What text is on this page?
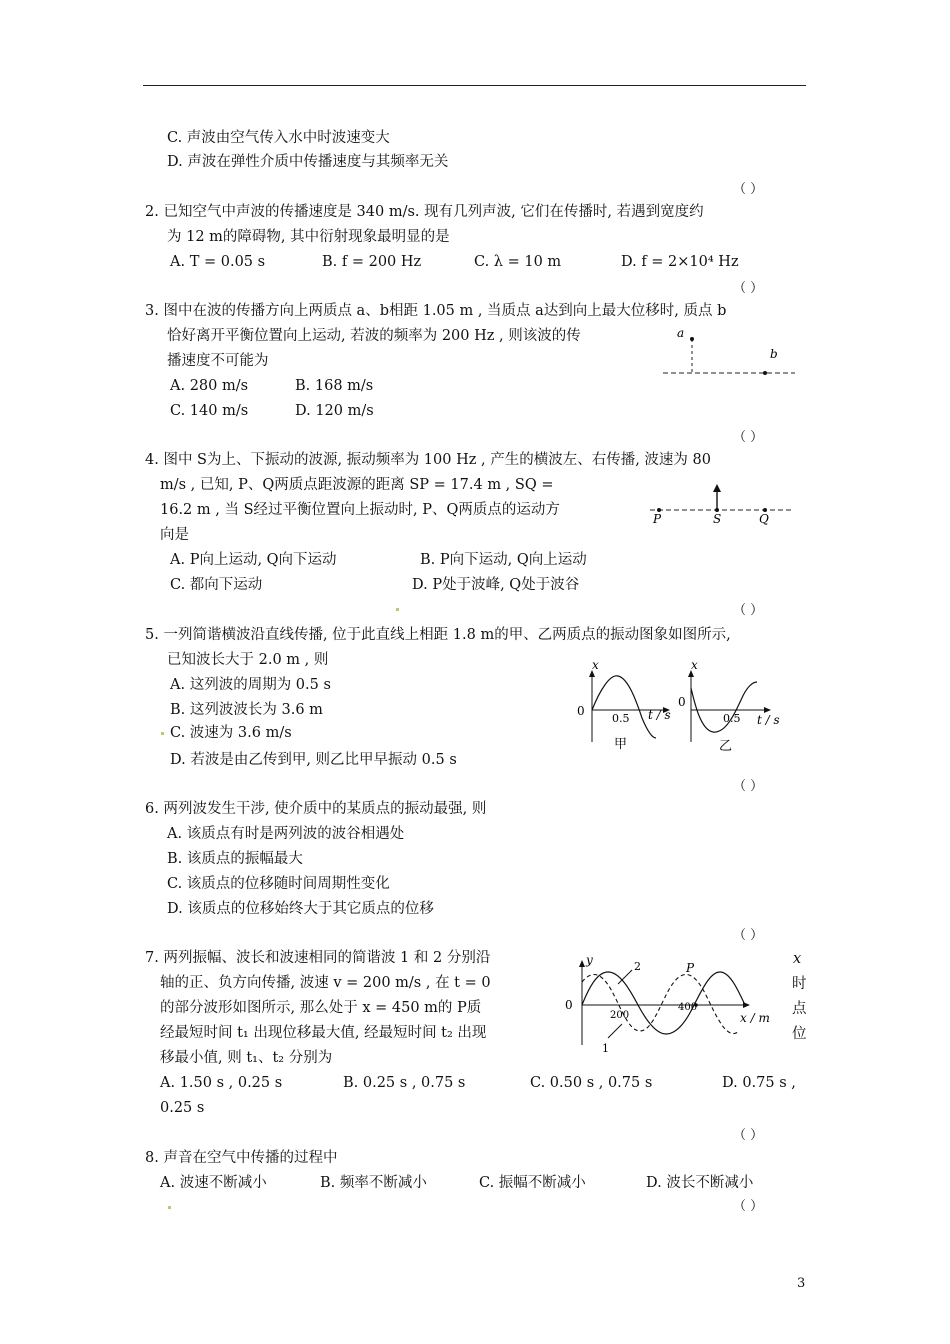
C. 声波由空气传入水中时波速变大
D. 声波在弹性介质中传播速度与其频率无关
（ ）
2. 已知空气中声波的传播速度是 340 m/s. 现有几列声波, 它们在传播时, 若遇到宽度约
为 12 m的障碍物, 其中衍射现象最明显的是
A. T = 0.05 s	B. f = 200 Hz	C. λ = 10 m	D. f = 2×10⁴ Hz
（ ）
3. 图中在波的传播方向上两质点 a、b相距 1.05 m , 当质点 a达到向上最大位移时, 质点 b
恰好离开平衡位置向上运动, 若波的频率为 200 Hz , 则该波的传
播速度不可能为
A. 280 m/s	B. 168 m/s
C. 140 m/s	D. 120 m/s
a
b
（ ）
4. 图中 S为上、下振动的波源, 振动频率为 100 Hz , 产生的横波左、右传播, 波速为 80
m/s , 已知, P、Q两质点距波源的距离 SP = 17.4 m , SQ =
16.2 m , 当 S经过平衡位置向上振动时, P、Q两质点的运动方
向是
A. P向上运动, Q向下运动	B. P向下运动, Q向上运动
C. 都向下运动	D. P处于波峰, Q处于波谷
P	S	Q
（ ）
5. 一列简谐横波沿直线传播, 位于此直线上相距 1.8 m的甲、乙两质点的振动图象如图所示,
已知波长大于 2.0 m , 则
A. 这列波的周期为 0.5 s
B. 这列波波长为 3.6 m
C. 波速为 3.6 m/s
D. 若波是由乙传到甲, 则乙比甲早振动 0.5 s
x
0
0.5 t / s
甲
x
0
0.5 t / s
乙
（ ）
6. 两列波发生干涉, 使介质中的某质点的振动最强, 则
A. 该质点有时是两列波的波谷相遇处
B. 该质点的振幅最大
C. 该质点的位移随时间周期性变化
D. 该质点的位移始终大于其它质点的位移
（ ）
7. 两列振幅、波长和波速相同的简谐波 1 和 2 分别沿
轴的正、负方向传播, 波速 v = 200 m/s , 在 t = 0
的部分波形如图所示, 那么处于 x = 450 m的 P质
经最短时间 t₁ 出现位移最大值, 经最短时间 t₂ 出现
移最小值, 则 t₁、t₂ 分别为
x
时
点
位
y
0
200
400
x / m
2
1
P
A. 1.50 s , 0.25 s	B. 0.25 s , 0.75 s	C. 0.50 s , 0.75 s	D. 0.75 s ,
0.25 s
（ ）
8. 声音在空气中传播的过程中
A. 波速不断减小	B. 频率不断减小	C. 振幅不断减小	D. 波长不断减小
（ ）
3
